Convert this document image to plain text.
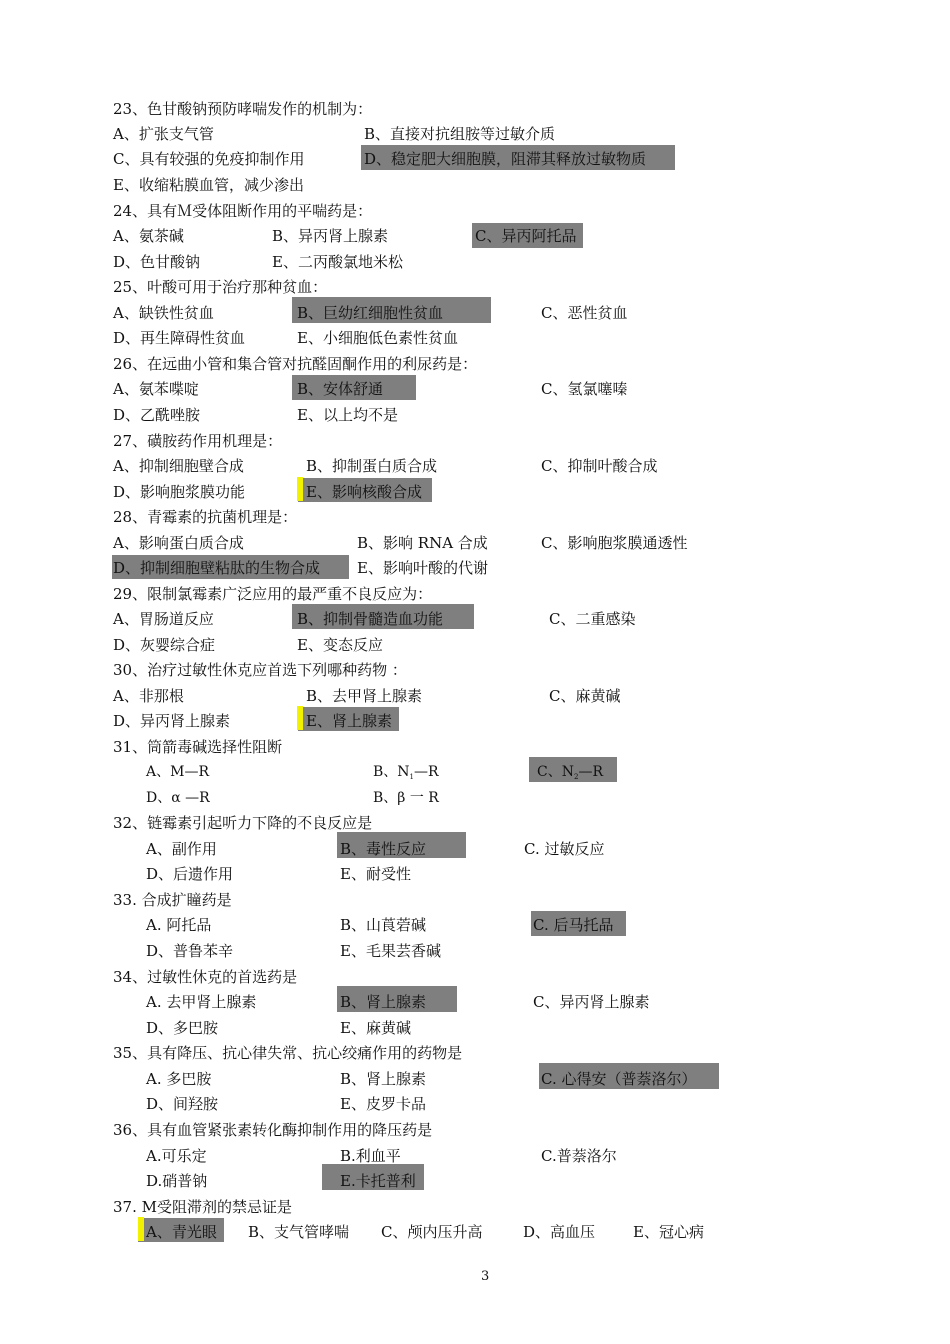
23、色甘酸钠预防哮喘发作的机制为：
A、扩张支气管	B、直接对抗组胺等过敏介质
C、具有较强的免疫抑制作用	D、稳定肥大细胞膜，阻滞其释放过敏物质
E、收缩粘膜血管，减少渗出
24、具有Ｍ受体阻断作用的平喘药是：
A、氨茶碱	B、异丙肾上腺素	C、异丙阿托品
D、色甘酸钠	E、二丙酸氯地米松
25、叶酸可用于治疗那种贫血：
A、缺铁性贫血	B、巨幼红细胞性贫血	C、恶性贫血
D、再生障碍性贫血	E、小细胞低色素性贫血
26、在远曲小管和集合管对抗醛固酮作用的利尿药是：
A、氨苯喋啶	B、安体舒通	C、氢氯噻嗪
D、乙酰唑胺	E、以上均不是
27、磺胺药作用机理是：
A、抑制细胞壁合成	B、抑制蛋白质合成	C、抑制叶酸合成
D、影响胞浆膜功能	E、影响核酸合成
28、青霉素的抗菌机理是：
A、影响蛋白质合成	B、影响 RNA 合成	C、影响胞浆膜通透性
D、抑制细胞壁粘肽的生物合成 E、影响叶酸的代谢
29、限制氯霉素广泛应用的最严重不良反应为：
A、胃肠道反应	B、抑制骨髓造血功能	C、二重感染
D、灰婴综合症	E、变态反应
30、治疗过敏性休克应首选下列哪种药物 ：
A、非那根	B、去甲肾上腺素	C、麻黄碱
D、异丙肾上腺素	E、肾上腺素
31、筒箭毒碱选择性阻断
A、M—R	B、$N_1—R$	C、$N_2—R$
D、α —R	B、β 一 R
32、链霉素引起听力下降的不良反应是
A、副作用	B、毒性反应	C. 过敏反应
D、后遗作用	E、耐受性
33. 合成扩瞳药是
A. 阿托品	B、山莨菪碱	C. 后马托品
D、普鲁苯辛	E、毛果芸香碱
34、过敏性休克的首选药是
A. 去甲肾上腺素	B、肾上腺素	C、异丙肾上腺素
D、多巴胺	E、麻黄碱
35、具有降压、抗心律失常、抗心绞痛作用的药物是
A. 多巴胺	B、肾上腺素	C. 心得安（普萘洛尔）
D、间羟胺	E、皮罗卡品
36、具有血管紧张素转化酶抑制作用的降压药是
A.可乐定	B.利血平	C.普萘洛尔
D.硝普钠	E.卡托普利
37. M受阻滞剂的禁忌证是
A、青光眼 B、支气管哮喘 C、颅内压升高	D、高血压	E、冠心病
3
